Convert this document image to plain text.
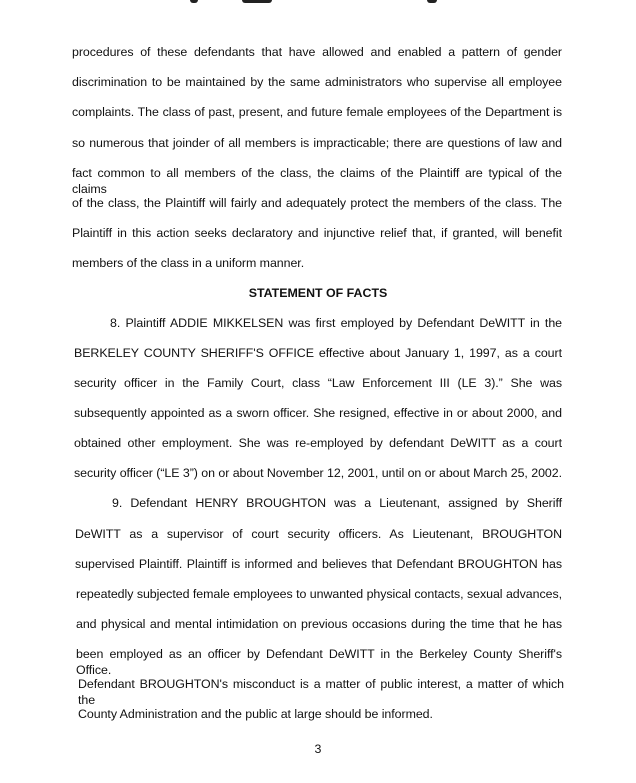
procedures of these defendants that have allowed and enabled a pattern of gender
discrimination to be maintained by the same administrators who supervise all employee
complaints. The class of past, present, and future female employees of the Department is
so numerous that joinder of all members is impracticable; there are questions of law and
fact common to all members of the class, the claims of the Plaintiff are typical of the claims
of the class, the Plaintiff will fairly and adequately protect the members of the class. The
Plaintiff in this action seeks declaratory and injunctive relief that, if granted, will benefit
members of the class in a uniform manner.
STATEMENT OF FACTS
8. Plaintiff ADDIE MIKKELSEN was first employed by Defendant DeWITT in the
BERKELEY COUNTY SHERIFF'S OFFICE effective about January 1, 1997, as a court
security officer in the Family Court, class “Law Enforcement III (LE 3).” She was
subsequently appointed as a sworn officer. She resigned, effective in or about 2000, and
obtained other employment. She was re-employed by defendant DeWITT as a court
security officer (“LE 3”) on or about November 12, 2001, until on or about March 25, 2002.
9. Defendant HENRY BROUGHTON was a Lieutenant, assigned by Sheriff
DeWITT as a supervisor of court security officers. As Lieutenant, BROUGHTON
supervised Plaintiff. Plaintiff is informed and believes that Defendant BROUGHTON has
repeatedly subjected female employees to unwanted physical contacts, sexual advances,
and physical and mental intimidation on previous occasions during the time that he has
been employed as an officer by Defendant DeWITT in the Berkeley County Sheriff's Office.
Defendant BROUGHTON's misconduct is a matter of public interest, a matter of which the
County Administration and the public at large should be informed.
3
